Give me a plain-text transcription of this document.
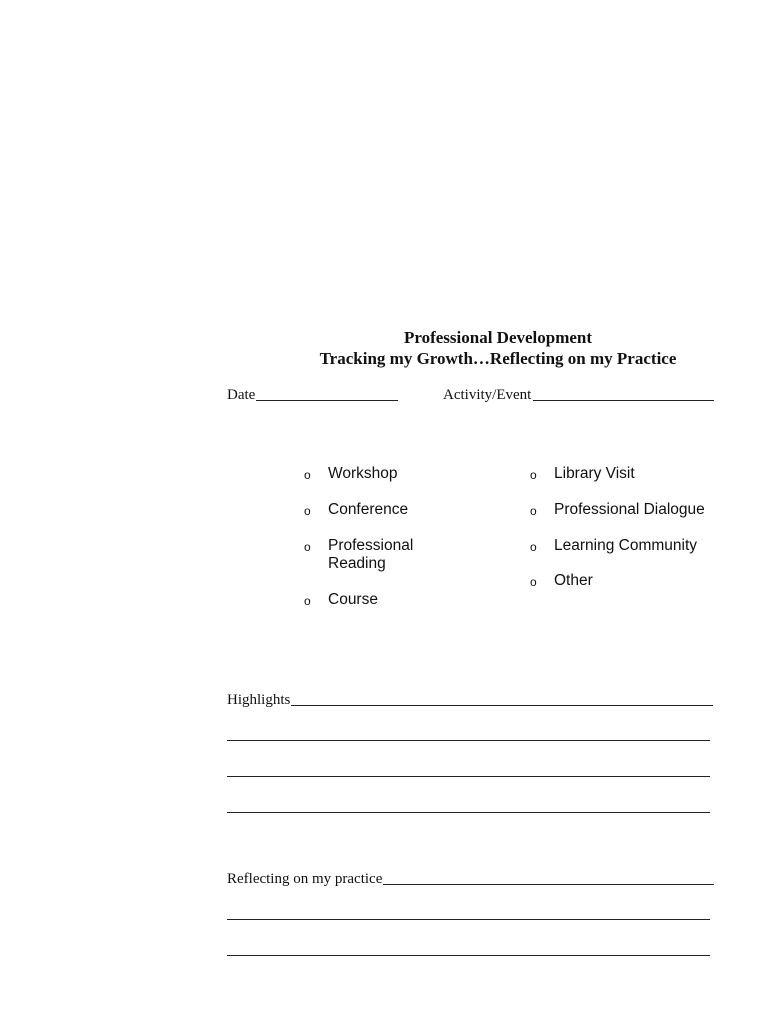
Professional Development
Tracking my Growth…Reflecting on my Practice
Date	Activity/Event
o	Workshop
o	Conference
o	Professional Reading
o	Course
o	Library Visit
o	Professional Dialogue
o	Learning Community
o	Other
Highlights
Reflecting on my practice
